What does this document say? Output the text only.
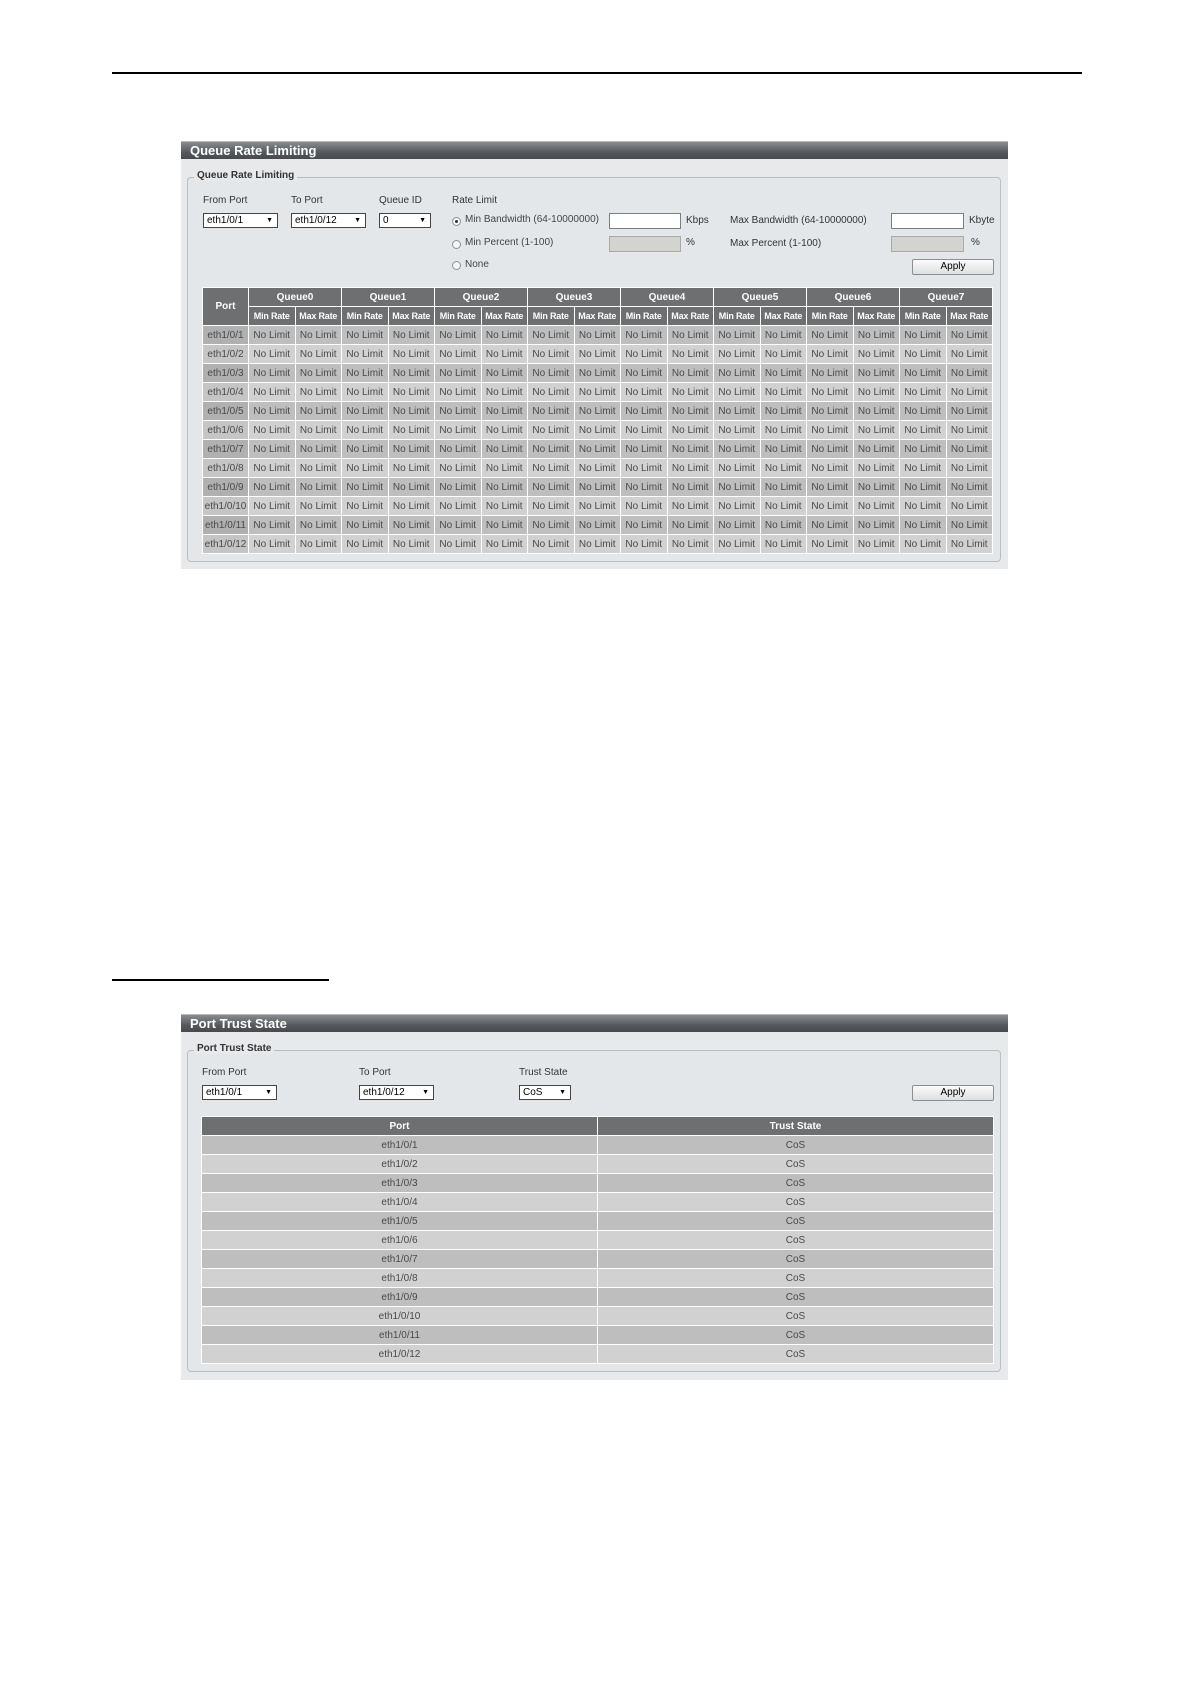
Queue Rate Limiting
Queue Rate Limiting
From Port
eth1/0/1	▼
To Port
eth1/0/12 ▼
Queue ID
0	▼
Rate Limit
Min Bandwidth (64-10000000)	Kbps Max Bandwidth (64-10000000)	Kbyte
Min Percent (1-100)	%	Max Percent (1-100)	%
None	Apply
Port	Queue0		Queue1		Queue2		Queue3		Queue4		Queue5		Queue6		Queue7	
	Min Rate	Max Rate	Min Rate	Max Rate	Min Rate	Max Rate	Min Rate	Max Rate	Min Rate	Max Rate	Min Rate	Max Rate	Min Rate	Max Rate	Min Rate	Max Rate
eth1/0/1	No Limit	No Limit	No Limit	No Limit	No Limit	No Limit	No Limit	No Limit	No Limit	No Limit	No Limit	No Limit	No Limit	No Limit	No Limit	No Limit
eth1/0/2	No Limit	No Limit	No Limit	No Limit	No Limit	No Limit	No Limit	No Limit	No Limit	No Limit	No Limit	No Limit	No Limit	No Limit	No Limit	No Limit
eth1/0/3	No Limit	No Limit	No Limit	No Limit	No Limit	No Limit	No Limit	No Limit	No Limit	No Limit	No Limit	No Limit	No Limit	No Limit	No Limit	No Limit
eth1/0/4	No Limit	No Limit	No Limit	No Limit	No Limit	No Limit	No Limit	No Limit	No Limit	No Limit	No Limit	No Limit	No Limit	No Limit	No Limit	No Limit
eth1/0/5	No Limit	No Limit	No Limit	No Limit	No Limit	No Limit	No Limit	No Limit	No Limit	No Limit	No Limit	No Limit	No Limit	No Limit	No Limit	No Limit
eth1/0/6	No Limit	No Limit	No Limit	No Limit	No Limit	No Limit	No Limit	No Limit	No Limit	No Limit	No Limit	No Limit	No Limit	No Limit	No Limit	No Limit
eth1/0/7	No Limit	No Limit	No Limit	No Limit	No Limit	No Limit	No Limit	No Limit	No Limit	No Limit	No Limit	No Limit	No Limit	No Limit	No Limit	No Limit
eth1/0/8	No Limit	No Limit	No Limit	No Limit	No Limit	No Limit	No Limit	No Limit	No Limit	No Limit	No Limit	No Limit	No Limit	No Limit	No Limit	No Limit
eth1/0/9	No Limit	No Limit	No Limit	No Limit	No Limit	No Limit	No Limit	No Limit	No Limit	No Limit	No Limit	No Limit	No Limit	No Limit	No Limit	No Limit
eth1/0/10	No Limit	No Limit	No Limit	No Limit	No Limit	No Limit	No Limit	No Limit	No Limit	No Limit	No Limit	No Limit	No Limit	No Limit	No Limit	No Limit
eth1/0/11	No Limit	No Limit	No Limit	No Limit	No Limit	No Limit	No Limit	No Limit	No Limit	No Limit	No Limit	No Limit	No Limit	No Limit	No Limit	No Limit
eth1/0/12	No Limit	No Limit	No Limit	No Limit	No Limit	No Limit	No Limit	No Limit	No Limit	No Limit	No Limit	No Limit	No Limit	No Limit	No Limit	No Limit
Port Trust State
Port Trust State
From Port
eth1/0/1	▼
To Port
eth1/0/12 ▼
Trust State
CoS ▼	Apply
Port	Trust State
eth1/0/1	CoS
eth1/0/2	CoS
eth1/0/3	CoS
eth1/0/4	CoS
eth1/0/5	CoS
eth1/0/6	CoS
eth1/0/7	CoS
eth1/0/8	CoS
eth1/0/9	CoS
eth1/0/10	CoS
eth1/0/11	CoS
eth1/0/12	CoS
